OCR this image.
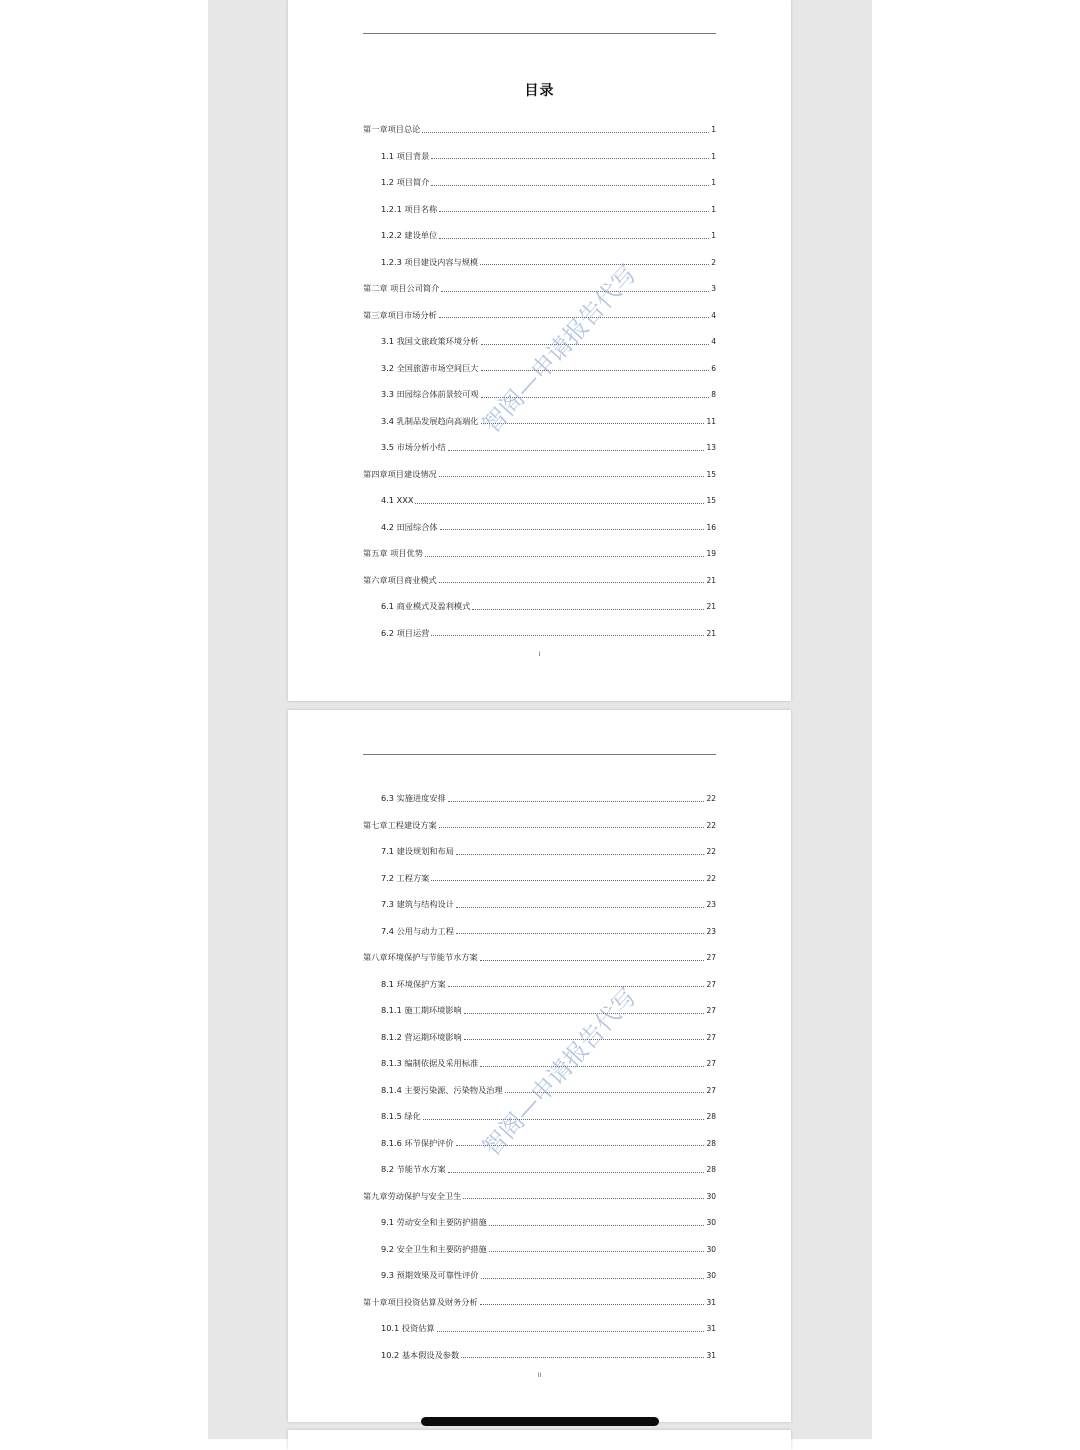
目录
第一章项目总论	1
1.1 项目背景	1
1.2 项目简介	1
1.2.1 项目名称	1
1.2.2 建设单位	1
1.2.3 项目建设内容与规模	2
第二章 项目公司简介	3
第三章项目市场分析	4
3.1 我国文旅政策环境分析	4
3.2 全国旅游市场空间巨大	6
3.3 田园综合体前景较可观	8
3.4 乳制品发展趋向高端化	11
3.5 市场分析小结	13
第四章项目建设情况	15
4.1 XXX	15
4.2 田园综合体	16
第五章 项目优势	19
第六章项目商业模式	21
6.1 商业模式及盈利模式	21
6.2 项目运营	21
智阁—申请报告代写
I
6.3 实施进度安排	22
第七章工程建设方案	22
7.1 建设规划和布局	22
7.2 工程方案	22
7.3 建筑与结构设计	23
7.4 公用与动力工程	23
第八章环境保护与节能节水方案	27
8.1 环境保护方案	27
8.1.1 施工期环境影响	27
8.1.2 营运期环境影响	27
8.1.3 编制依据及采用标准	27
8.1.4 主要污染源、污染物及治理	27
8.1.5 绿化	28
8.1.6 环节保护评价	28
8.2 节能节水方案	28
第九章劳动保护与安全卫生	30
9.1 劳动安全和主要防护措施	30
9.2 安全卫生和主要防护措施	30
9.3 预期效果及可靠性评价	30
第十章项目投资估算及财务分析	31
10.1 投资估算	31
10.2 基本假设及参数	31
智阁—申请报告代写
II
